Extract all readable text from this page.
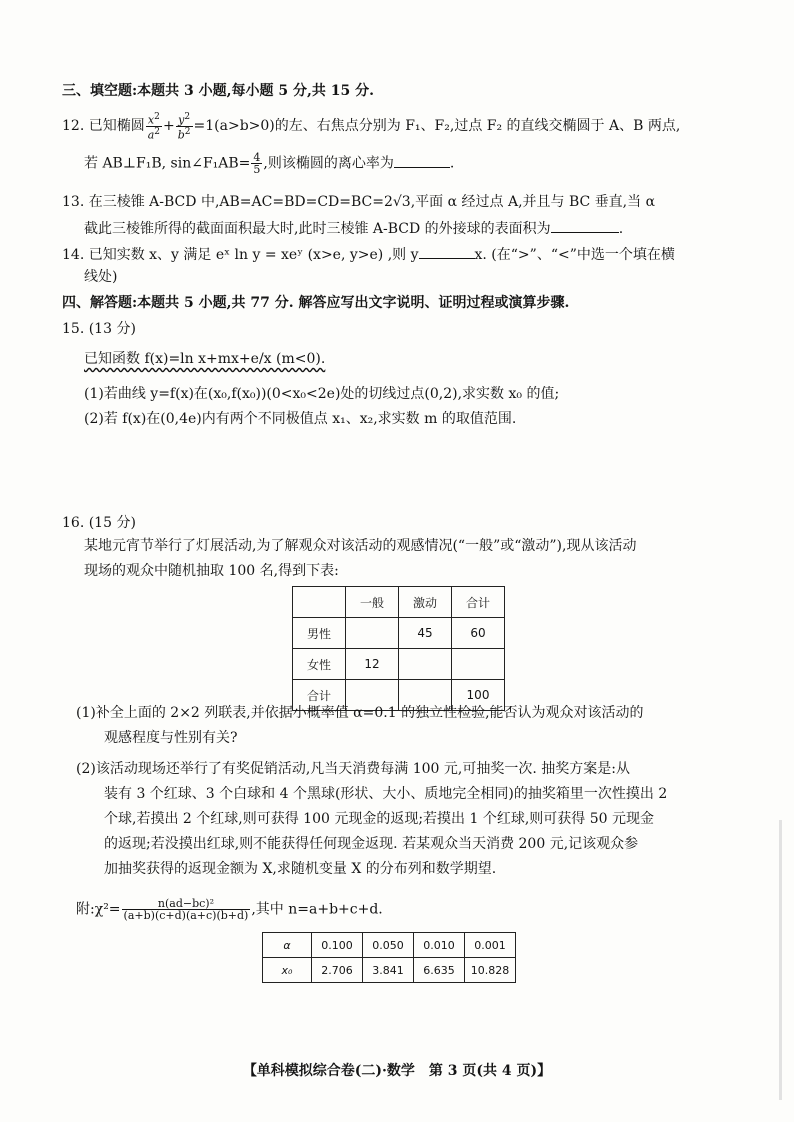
三、填空题:本题共 3 小题,每小题 5 分,共 15 分.
12. 已知椭圆 $\frac{x^2}{a^2} + \frac{y^2}{b^2} =1(a>b>0)$的左、右焦点分别为 F₁、F₂,过点 F₂ 的直线交椭圆于 A、B 两点,
若 AB⊥F₁B, sin∠F₁AB= $\frac{4}{5}$ ,则该椭圆的离心率为	.
13. 在三棱锥 A-BCD 中,AB=AC=BD=CD=BC=2√3,平面 α 经过点 A,并且与 BC 垂直,当 α
截此三棱锥所得的截面面积最大时,此时三棱锥 A-BCD 的外接球的表面积为	.
14. 已知实数 x、y 满足 eˣ ln y = xeʸ (x>e, y>e) ,则 y	x. (在“>”、“<”中选一个填在横
线处)
四、解答题:本题共 5 小题,共 77 分. 解答应写出文字说明、证明过程或演算步骤.
15. (13 分)
已知函数 f(x)=ln x+mx+e/x (m<0).
(1)若曲线 y=f(x)在(x₀,f(x₀))(0<x₀<2e)处的切线过点(0,2),求实数 x₀ 的值;
(2)若 f(x)在(0,4e)内有两个不同极值点 x₁、x₂,求实数 m 的取值范围.
16. (15 分)
某地元宵节举行了灯展活动,为了解观众对该活动的观感情况(“一般”或“激动”),现从该活动
现场的观众中随机抽取 100 名,得到下表:
	一般	激动	合计
男性		45	60
女性	12		
合计			100
(1)补全上面的 2×2 列联表,并依据小概率值 α=0.1 的独立性检验,能否认为观众对该活动的
观感程度与性别有关?
(2)该活动现场还举行了有奖促销活动,凡当天消费每满 100 元,可抽奖一次. 抽奖方案是:从
装有 3 个红球、3 个白球和 4 个黑球(形状、大小、质地完全相同)的抽奖箱里一次性摸出 2
个球,若摸出 2 个红球,则可获得 100 元现金的返现;若摸出 1 个红球,则可获得 50 元现金
的返现;若没摸出红球,则不能获得任何现金返现. 若某观众当天消费 200 元,记该观众参
加抽奖获得的返现金额为 X,求随机变量 X 的分布列和数学期望.
附:χ²= $\frac{\text{n(ad−bc)²}}{(a+b)(c+d)(a+c)(b+d)}$ ,其中 n=a+b+c+d.
α	0.100	0.050	0.010	0.001
x₀	2.706	3.841	6.635	10.828
【单科模拟综合卷(二)·数学　第 3 页(共 4 页)】
